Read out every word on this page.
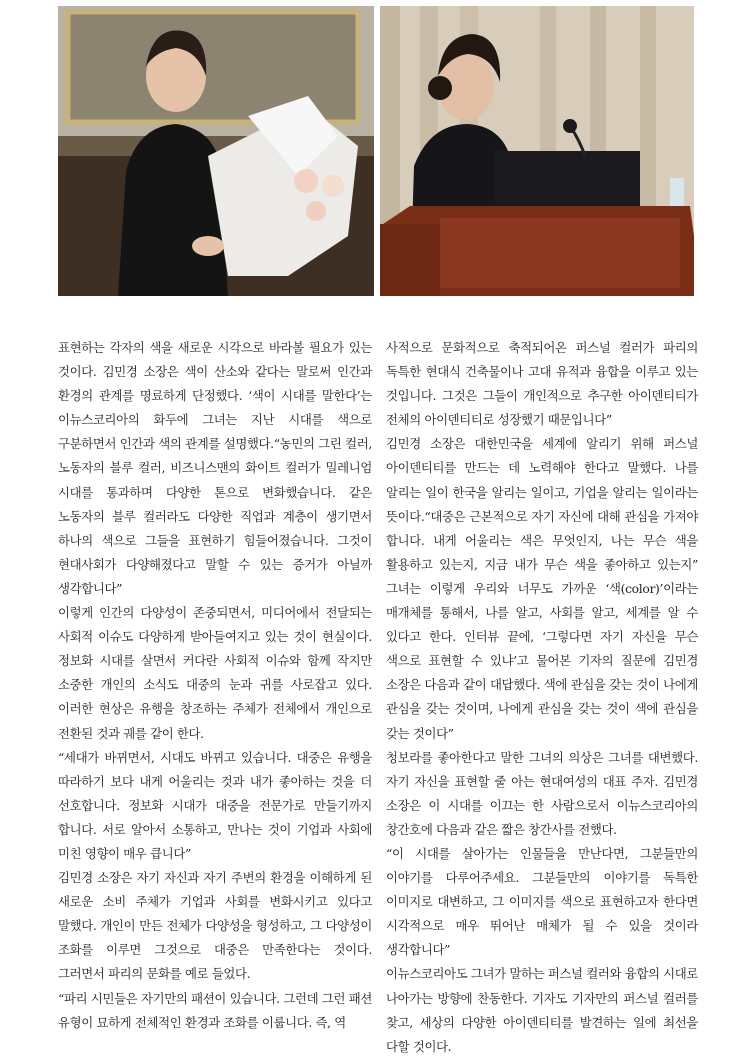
표현하는 각자의 색을 새로운 시각으로 바라볼 필요가 있는 것이다. 김민경 소장은 색이 산소와 같다는 말로써 인간과 환경의 관계를 명료하게 단정했다. ‘색이 시대를 말한다’는 이뉴스코리아의 화두에 그녀는 지난 시대를 색으로 구분하면서 인간과 색의 관계를 설명했다.“농민의 그린 컬러, 노동자의 블루 컬러, 비즈니스맨의 화이트 컬러가 밀레니엄 시대를 통과하며 다양한 톤으로 변화했습니다. 같은 노동자의 블루 컬러라도 다양한 직업과 계층이 생기면서 하나의 색으로 그들을 표현하기 힘들어졌습니다. 그것이 현대사회가 다양해졌다고 말할 수 있는 증거가 아닐까 생각합니다”

이렇게 인간의 다양성이 존중되면서, 미디어에서 전달되는 사회적 이슈도 다양하게 받아들여지고 있는 것이 현실이다. 정보화 시대를 살면서 커다란 사회적 이슈와 함께 작지만 소중한 개인의 소식도 대중의 눈과 귀를 사로잡고 있다. 이러한 현상은 유행을 창조하는 주체가 전체에서 개인으로 전환된 것과 궤를 같이 한다.

“세대가 바뀌면서, 시대도 바뀌고 있습니다. 대중은 유행을 따라하기 보다 내게 어울리는 것과 내가 좋아하는 것을 더 선호합니다. 정보화 시대가 대중을 전문가로 만들기까지 합니다. 서로 알아서 소통하고, 만나는 것이 기업과 사회에 미친 영향이 매우 큽니다”

김민경 소장은 자기 자신과 자기 주변의 환경을 이해하게 된 새로운 소비 주체가 기업과 사회를 변화시키고 있다고 말했다. 개인이 만든 전체가 다양성을 형성하고, 그 다양성이 조화를 이루면 그것으로 대중은 만족한다는 것이다. 그러면서 파리의 문화를 예로 들었다.

“파리 시민들은 자기만의 패션이 있습니다. 그런데 그런 패션 유형이 묘하게 전체적인 환경과 조화를 이룹니다. 즉, 역

사적으로 문화적으로 축적되어온 퍼스널 컬러가 파리의 독특한 현대식 건축물이나 고대 유적과 융합을 이루고 있는 것입니다. 그것은 그들이 개인적으로 추구한 아이덴티티가 전체의 아이덴티티로 성장했기 때문입니다”

김민경 소장은 대한민국을 세계에 알리기 위해 퍼스널 아이덴티티를 만드는 데 노력해야 한다고 말했다. 나를 알리는 일이 한국을 알리는 일이고, 기업을 알리는 일이라는 뜻이다.“대중은 근본적으로 자기 자신에 대해 관심을 가져야 합니다. 내게 어울리는 색은 무엇인지, 나는 무슨 색을 활용하고 있는지, 지금 내가 무슨 색을 좋아하고 있는지” 그녀는 이렇게 우리와 너무도 가까운 ‘색(color)’이라는 매개체를 통해서, 나를 알고, 사회를 알고, 세계를 알 수 있다고 한다. 인터뷰 끝에, ‘그렇다면 자기 자신을 무슨 색으로 표현할 수 있냐’고 물어본 기자의 질문에 김민경 소장은 다음과 같이 대답했다. 색에 관심을 갖는 것이 나에게 관심을 갖는 것이며, 나에게 관심을 갖는 것이 색에 관심을 갖는 것이다”

청보라를 좋아한다고 말한 그녀의 의상은 그녀를 대변했다. 자기 자신을 표현할 줄 아는 현대여성의 대표 주자. 김민경 소장은 이 시대를 이끄는 한 사람으로서 이뉴스코리아의 창간호에 다음과 같은 짧은 창간사를 전했다.

“이 시대를 살아가는 인물들을 만난다면, 그분들만의 이야기를 다루어주세요. 그분들만의 이야기를 독특한 이미지로 대변하고, 그 이미지를 색으로 표현하고자 한다면 시각적으로 매우 뛰어난 매체가 될 수 있을 것이라 생각합니다”

이뉴스코리아도 그녀가 말하는 퍼스널 컬러와 융합의 시대로 나아가는 방향에 찬동한다. 기자도 기자만의 퍼스널 컬러를 찾고, 세상의 다양한 아이덴티티를 발견하는 일에 최선을 다할 것이다.
